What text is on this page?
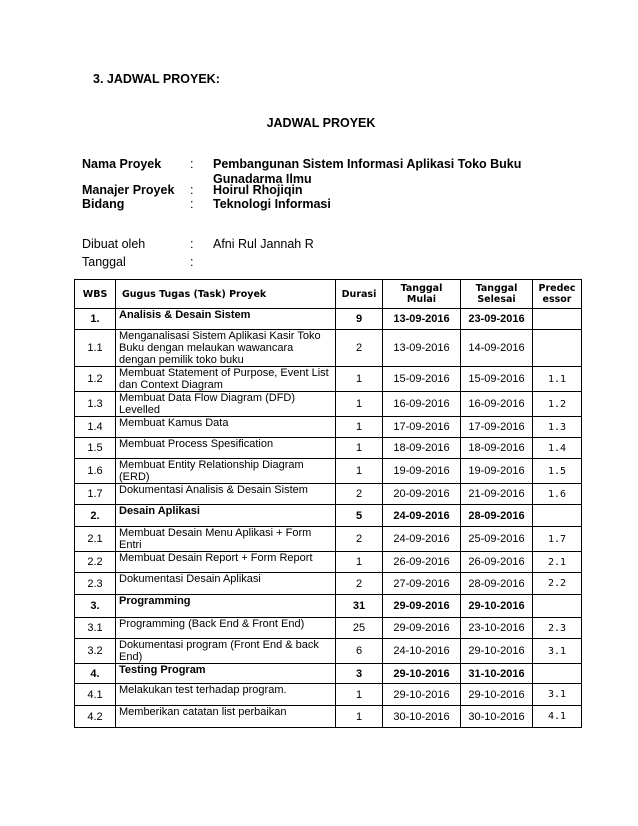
3. JADWAL PROYEK:
JADWAL PROYEK
Nama Proyek : Pembangunan Sistem Informasi Aplikasi Toko Buku Gunadarma Ilmu
Manajer Proyek : Hoirul Rhojiqin
Bidang	: Teknologi Informasi
Dibuat oleh	: Afni Rul Jannah R
Tanggal	:
WBS	Gugus Tugas (Task) Proyek	Durasi	Tanggal Mulai	Tanggal Selesai	Predec essor
1.	Analisis & Desain Sistem	9	13-09-2016	23-09-2016	
1.1	Menganalisasi Sistem Aplikasi Kasir Toko Buku dengan melaukan wawancara dengan pemilik toko buku	2	13-09-2016	14-09-2016	
1.2	Membuat Statement of Purpose, Event List dan Context Diagram	1	15-09-2016	15-09-2016	1.1
1.3	Membuat Data Flow Diagram (DFD) Levelled	1	16-09-2016	16-09-2016	1.2
1.4	Membuat Kamus Data	1	17-09-2016	17-09-2016	1.3
1.5	Membuat Process Spesification	1	18-09-2016	18-09-2016	1.4
1.6	Membuat Entity Relationship Diagram (ERD)	1	19-09-2016	19-09-2016	1.5
1.7	Dokumentasi Analisis & Desain Sistem	2	20-09-2016	21-09-2016	1.6
2.	Desain Aplikasi	5	24-09-2016	28-09-2016	
2.1	Membuat Desain Menu Aplikasi + Form Entri	2	24-09-2016	25-09-2016	1.7
2.2	Membuat Desain Report + Form Report	1	26-09-2016	26-09-2016	2.1
2.3	Dokumentasi Desain Aplikasi	2	27-09-2016	28-09-2016	2.2
3.	Programming	31	29-09-2016	29-10-2016	
3.1	Programming (Back End & Front End)	25	29-09-2016	23-10-2016	2.3
3.2	Dokumentasi program (Front End & back End)	6	24-10-2016	29-10-2016	3.1
4.	Testing Program	3	29-10-2016	31-10-2016	
4.1	Melakukan test terhadap program.	1	29-10-2016	29-10-2016	3.1
4.2	Memberikan catatan list perbaikan	1	30-10-2016	30-10-2016	4.1
